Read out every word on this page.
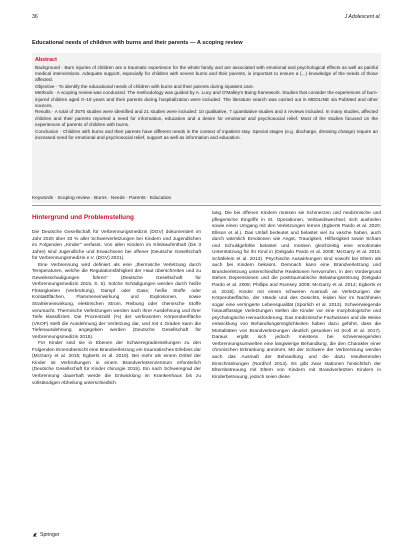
36	J Adolescent al.
Educational needs of children with burns and their parents — A scoping review
Abstract

Background · Burn injuries of children are a traumatic experience for the whole family and are associated with emotional and psychological effects as well as painful medical interventions. Adequate support, especially for children with severe burns and their parents, is important to ensure a (...) knowledge of the needs of those affected.

Objective · To identify the educational needs of children with burns and their parents during inpatient care.

Methods · A scoping review was conducted. The methodology was guided by A. Lucy and O'Malley's Boing framework. Studies that consider the experiences of burn-injured children aged 0–18 years and their parents during hospitalization were included. The literature search was carried out in MEDLINE via PubMed and other sources.

Results · A total of 3575 studies were identified and 21 studies were included: 10 qualitative, 7 quantitative studies and 4 reviews included. In many studies, affected children and their parents reported a need for information, education and a desire for emotional and psychosocial relief. Most of the studies focused on the experiences of parents of children with burns.

Conclusion · Children with burns and their parents have different needs in the context of inpatient stay. Special stages (e.g. discharge, dressing change) require an increased need for emotional and psychosocial relief, support as well as information and education.

Keywords · Scoping review · Burns · Needs · Parents · Education
Hintergrund und Problemstellung

Die Deutsche Gesellschaft für Verbrennungsmedizin (DGV) dokumentiert im Jahr 2020 über 33 % aller Schwerverletzungen bei Kindern und Jugendlichen im Folgenden „Kinder“ verfasst. Von allen Kindern im Klinikaufenthalt (bis 3 Jahre) sind Jugendliche und Erwachsene bei offener (Deutsche Gesellschaft für Verbrennungsmedizin e.V. (DGV) 2021).

Eine Verbrennung wird definiert als eine „thermische Verletzung durch Temperaturen, welche die Regulationsfähigkeit der Haut überschreiten und zu Gewebsschadigungen führen“ (Deutsche Gesellschaft für Verbrennungsmedizin 2015, S. 5). Solche Schädigungen werden durch heiße Flüssigkeiten (Verbrühung), Dampf oder Gase, heiße Stoffe oder Kontaktflächen, Flammeneinwirkung und Explosionen, sowie Strahleneinwirkung, elektrischen Strom, Reibung oder chemische Stoffe verursacht. Thermische Verletzungen werden nach ihrer Ausdehnung und ihrer Tiefe klassifiziert. Die Prozentzahl (%) der verbrannten Körperoberfläche (VKOF) stellt die Ausdehnung der Verletzung dar, und mit 4 Graden kann die Tiefenausdehnung angegeben werden (Deutsche Gesellschaft für Verbrennungsmedizin 2015).

Für Kinder sind sie in Ebenen der Schweregradeinteilungen zu den Folgenden Einenübersicht eine Brandverletzung ein traumatisches Erlebnis dar (McGarry et al. 2015; Egberts et al. 2019). Bei mehr als einem Drittel der Kinder ist Verbrühungen in einem Brandverletzenzentrum erforderlich (Deutsche Gesellschaft für Kinder chirurgie 2015). Ein nach Schweregrad der Verbrennung dauerhaft werde die Entwicklung im Krankenhaus bis zu vollständigen Abheilung unterschiedlich

lang. Die bei offenen Kindern müssen sie Schmerzen und medizinische und pflegerische Eingriffe in St. Operationen, Verbandswechsel, sich ausheilen sowie einen Umgang mit den Verletzungen lernen (Egberts Pardo et al. 2020; Ellison et al.). Das Unfall bedeutet und belastet viel zu vasche haben, auch durch wärmlich Emotionen wie Angst, Traurigkeit, Hilflosigkeit sowie Scham und Schuldgefühle belastet und müssen gleichzeitig eine emotionale Unterstützung für ihr Kind in (Delgado Pardo et al. 2008; McGarry et al. 2015; Schäfelein et al. 2013). Psychische Auswirkungen sind sowohl bei Eltern als auch bei Kindern bekannt. Demnach kann eine Brandverletzung und Brandverletzung unterschiedliche Reaktionen hervorrufen, in den Vordergrund stehen Depressionen und die posttraumatische Belastungsstörung (Delgado Pardo et al. 2008; Phillips and Rumsey 2008; McGarry et al. 2014; Egberts et al. 2018). Kinder mit einem schweren Ausmaß an Verletzungen der Körperoberfläche, der Hände und des Gesichts, leiden hier im Nachhinein sogar eine verringerte Lebensqualität (Sporlich et al. 2013). Schwerwiegende hinausflüssige Verletzungen stellen die Kinder vor eine morphologische und psychologische Herausforderung. Das medizinische Fachwissen und die Weise entwicklung von Behandlungsmöglichkeiten haben dazu geführt, dass die Mortalitäten von Brandverletzungen deutlich gesunken ist (Kofi et al. 2017). Daraus ergibt sich jedoch meistens bei schwerwiegenden Verbrennungsumwelten eine langwierige Behandlung, die den Charakter einer chronischen Erkrankung annimmt. Mit der Schwere der Verbrennung werden auch das Ausmaß der Behandlung und die dazu resultierenden Einschränkungen (Nordhof 2014). Es gibt zwar stationen hinsichtlich der Elternbetreuung mit Eltern von Kindern mit Brandverletzten Kindern in Kinderbetreuung, jedoch seien diese

Springer
